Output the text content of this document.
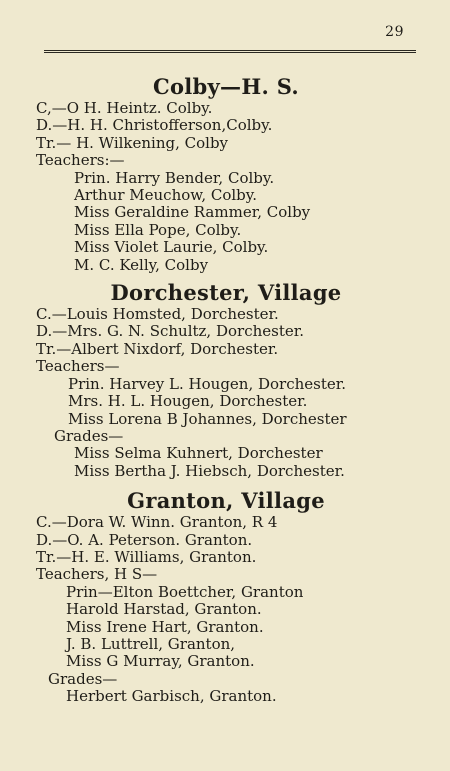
29
Colby—H. S.
C,—O H. Heintz. Colby.
D.—H. H. Christofferson,Colby.
Tr.— H. Wilkening, Colby
Teachers:—
Prin. Harry Bender, Colby.
Arthur Meuchow, Colby.
Miss Geraldine Rammer, Colby
Miss Ella Pope, Colby.
Miss Violet Laurie, Colby.
M. C. Kelly, Colby
Dorchester, Village
C.—Louis Homsted, Dorchester.
D.—Mrs. G. N. Schultz, Dorchester.
Tr.—Albert Nixdorf, Dorchester.
Teachers—
Prin. Harvey L. Hougen, Dorchester.
Mrs. H. L. Hougen, Dorchester.
Miss Lorena B Johannes, Dorchester
Grades—
Miss Selma Kuhnert, Dorchester
Miss Bertha J. Hiebsch, Dorchester.
Granton, Village
C.—Dora W. Winn. Granton, R 4
D.—O. A. Peterson. Granton.
Tr.—H. E. Williams, Granton.
Teachers, H S—
Prin—Elton Boettcher, Granton
Harold Harstad, Granton.
Miss Irene Hart, Granton.
J. B. Luttrell, Granton,
Miss G Murray, Granton.
Grades—
Herbert Garbisch, Granton.
